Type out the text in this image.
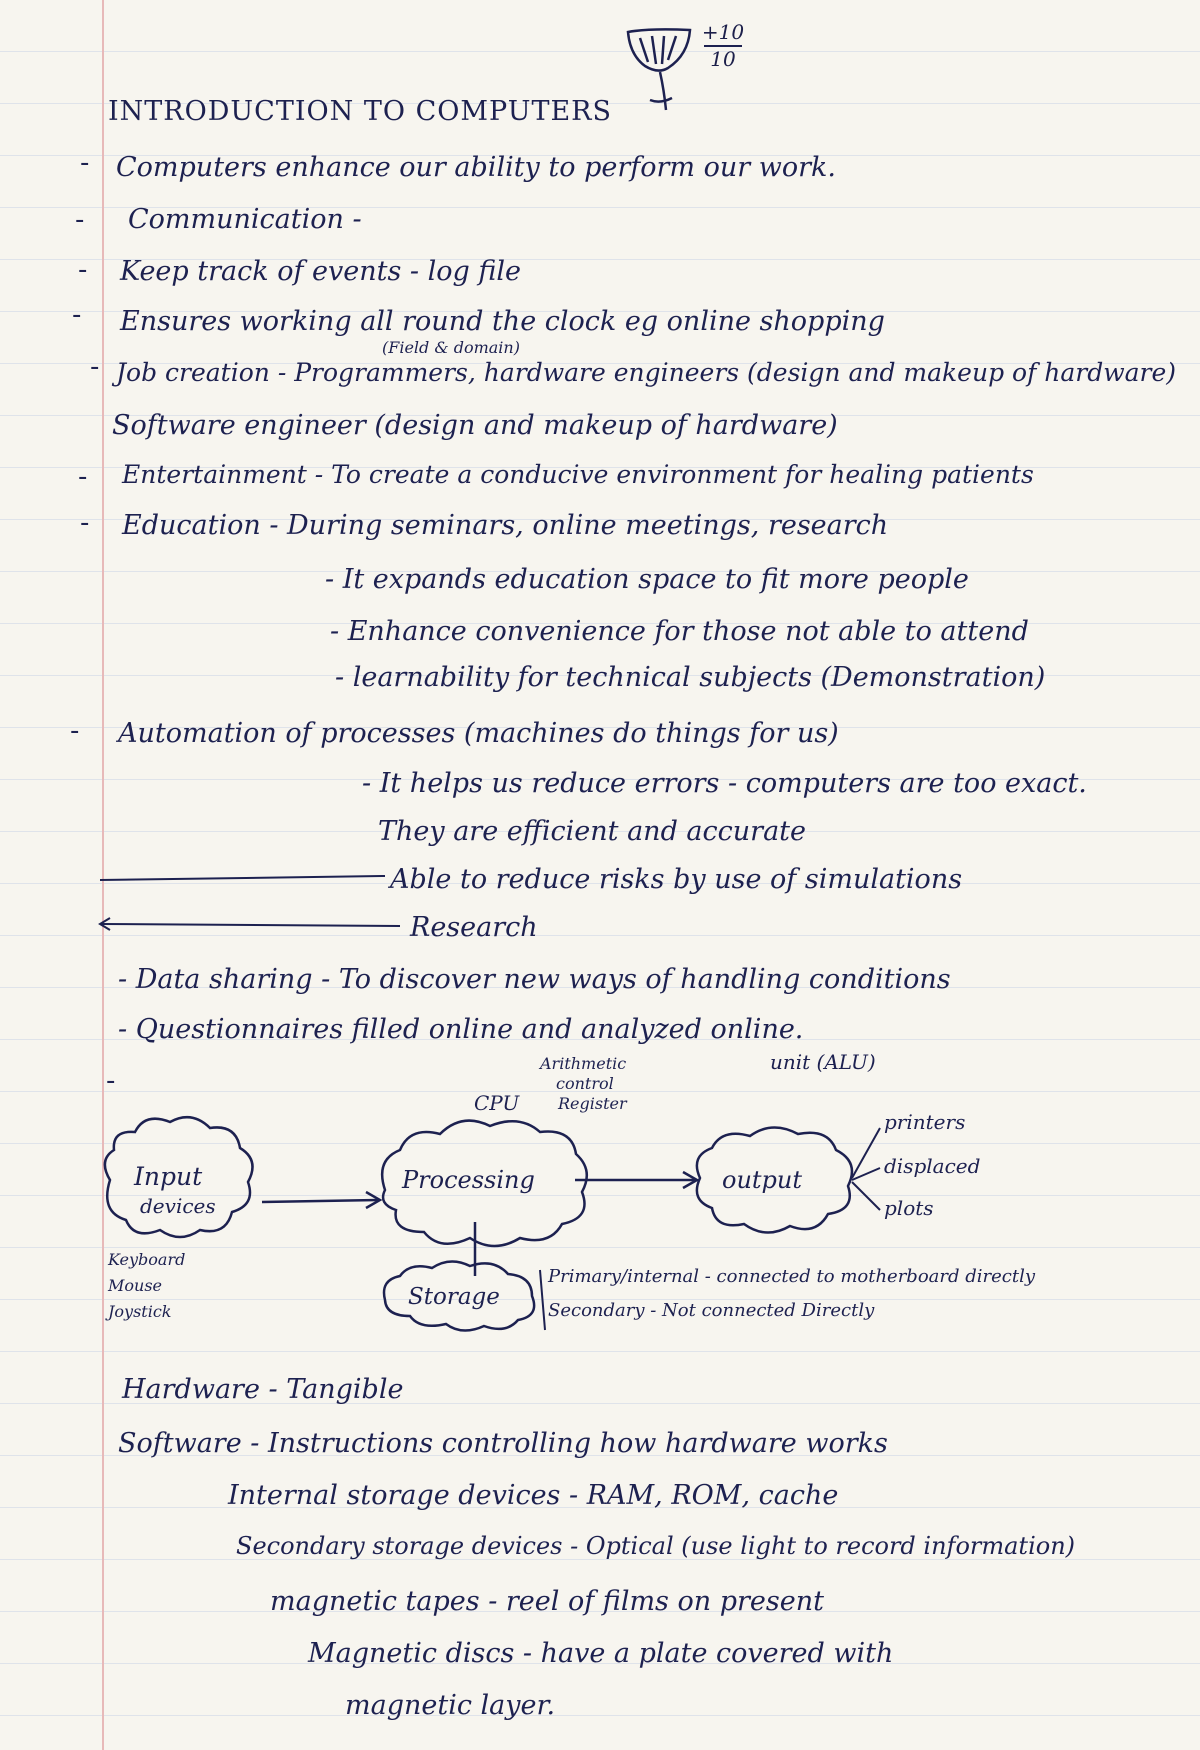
+10
10
INTRODUCTION TO COMPUTERS
- Computers enhance our ability to perform our work.
- Communication -
- Keep track of events - log file
- Ensures working all round the clock eg online shopping
(Field & domain)
- Job creation - Programmers, hardware engineers (design and makeup of hardware)
Software engineer (design and makeup of hardware)
- Entertainment - To create a conducive environment for healing patients
- Education - During seminars, online meetings, research
- It expands education space to fit more people
- Enhance convenience for those not able to attend
- learnability for technical subjects (Demonstration)
- Automation of processes (machines do things for us)
- It helps us reduce errors - computers are too exact.
They are efficient and accurate
Able to reduce risks by use of simulations
Research
- Data sharing - To discover new ways of handling conditions
- Questionnaires filled online and analyzed online.
-
CPU
Arithmetic
control
Register
unit (ALU)
Input
devices
Processing	output
Storage
Keyboard
Mouse
Joystick
printers
displaced
plots
Primary/internal - connected to motherboard directly
Secondary - Not connected Directly
Hardware - Tangible
Software - Instructions controlling how hardware works
Internal storage devices - RAM, ROM, cache
Secondary storage devices - Optical (use light to record information)
magnetic tapes - reel of films on present
Magnetic discs - have a plate covered with
magnetic layer.
